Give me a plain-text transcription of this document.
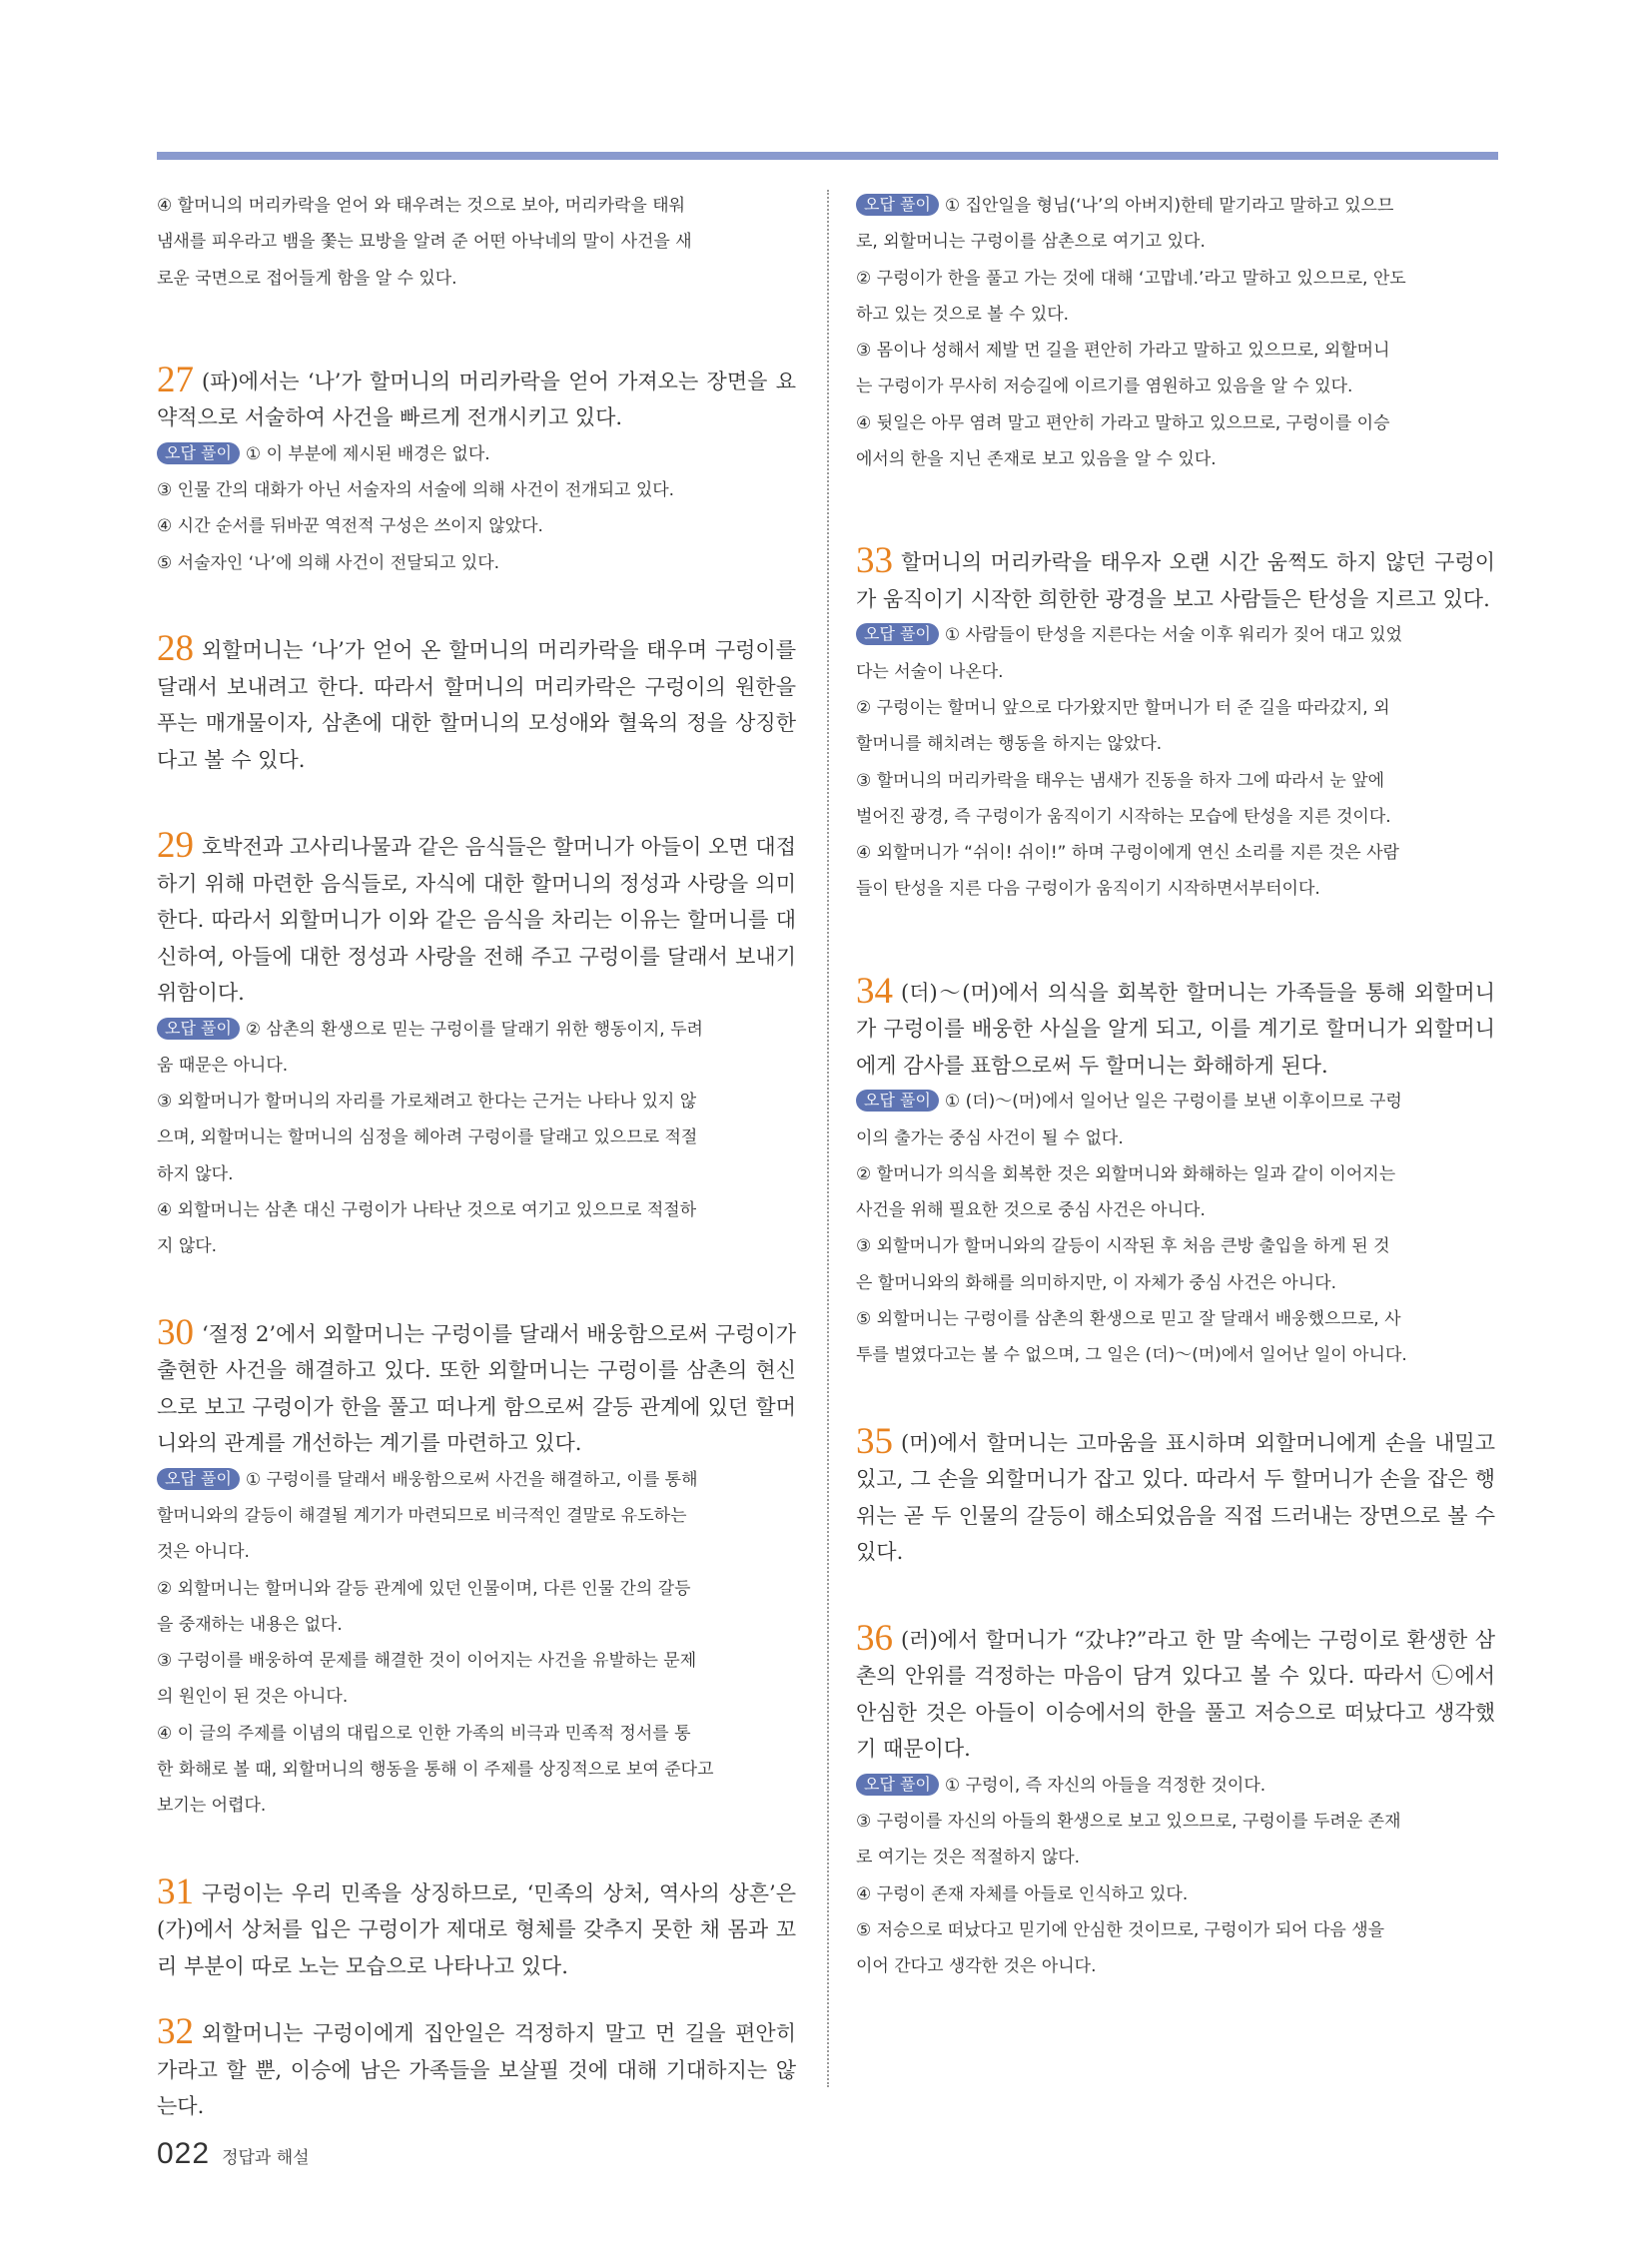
④ 할머니의 머리카락을 얻어 와 태우려는 것으로 보아, 머리카락을 태워

냄새를 피우라고 뱀을 쫓는 묘방을 알려 준 어떤 아낙네의 말이 사건을 새

로운 국면으로 접어들게 함을 알 수 있다.

27 (파)에서는 ‘나’가 할머니의 머리카락을 얻어 가져오는 장면을 요약적으로 서술하여 사건을 빠르게 전개시키고 있다.

오답 풀이 ① 이 부분에 제시된 배경은 없다.

③ 인물 간의 대화가 아닌 서술자의 서술에 의해 사건이 전개되고 있다.

④ 시간 순서를 뒤바꾼 역전적 구성은 쓰이지 않았다.

⑤ 서술자인 ‘나’에 의해 사건이 전달되고 있다.

28 외할머니는 ‘나’가 얻어 온 할머니의 머리카락을 태우며 구렁이를 달래서 보내려고 한다. 따라서 할머니의 머리카락은 구렁이의 원한을 푸는 매개물이자, 삼촌에 대한 할머니의 모성애와 혈육의 정을 상징한다고 볼 수 있다.

29 호박전과 고사리나물과 같은 음식들은 할머니가 아들이 오면 대접하기 위해 마련한 음식들로, 자식에 대한 할머니의 정성과 사랑을 의미한다. 따라서 외할머니가 이와 같은 음식을 차리는 이유는 할머니를 대신하여, 아들에 대한 정성과 사랑을 전해 주고 구렁이를 달래서 보내기 위함이다.

오답 풀이 ② 삼촌의 환생으로 믿는 구렁이를 달래기 위한 행동이지, 두려

움 때문은 아니다.

③ 외할머니가 할머니의 자리를 가로채려고 한다는 근거는 나타나 있지 않

으며, 외할머니는 할머니의 심정을 헤아려 구렁이를 달래고 있으므로 적절

하지 않다.

④ 외할머니는 삼촌 대신 구렁이가 나타난 것으로 여기고 있으므로 적절하

지 않다.

30 ‘절정 2’에서 외할머니는 구렁이를 달래서 배웅함으로써 구렁이가 출현한 사건을 해결하고 있다. 또한 외할머니는 구렁이를 삼촌의 현신으로 보고 구렁이가 한을 풀고 떠나게 함으로써 갈등 관계에 있던 할머니와의 관계를 개선하는 계기를 마련하고 있다.

오답 풀이 ① 구렁이를 달래서 배웅함으로써 사건을 해결하고, 이를 통해

할머니와의 갈등이 해결될 계기가 마련되므로 비극적인 결말로 유도하는

것은 아니다.

② 외할머니는 할머니와 갈등 관계에 있던 인물이며, 다른 인물 간의 갈등

을 중재하는 내용은 없다.

③ 구렁이를 배웅하여 문제를 해결한 것이 이어지는 사건을 유발하는 문제

의 원인이 된 것은 아니다.

④ 이 글의 주제를 이념의 대립으로 인한 가족의 비극과 민족적 정서를 통

한 화해로 볼 때, 외할머니의 행동을 통해 이 주제를 상징적으로 보여 준다고

보기는 어렵다.

31 구렁이는 우리 민족을 상징하므로, ‘민족의 상처, 역사의 상흔’은 (가)에서 상처를 입은 구렁이가 제대로 형체를 갖추지 못한 채 몸과 꼬리 부분이 따로 노는 모습으로 나타나고 있다.

32 외할머니는 구렁이에게 집안일은 걱정하지 말고 먼 길을 편안히 가라고 할 뿐, 이승에 남은 가족들을 보살필 것에 대해 기대하지는 않는다.

오답 풀이 ① 집안일을 형님(‘나’의 아버지)한테 맡기라고 말하고 있으므

로, 외할머니는 구렁이를 삼촌으로 여기고 있다.

② 구렁이가 한을 풀고 가는 것에 대해 ‘고맙네.’라고 말하고 있으므로, 안도

하고 있는 것으로 볼 수 있다.

③ 몸이나 성해서 제발 먼 길을 편안히 가라고 말하고 있으므로, 외할머니

는 구렁이가 무사히 저승길에 이르기를 염원하고 있음을 알 수 있다.

④ 뒷일은 아무 염려 말고 편안히 가라고 말하고 있으므로, 구렁이를 이승

에서의 한을 지닌 존재로 보고 있음을 알 수 있다.

33 할머니의 머리카락을 태우자 오랜 시간 움쩍도 하지 않던 구렁이가 움직이기 시작한 희한한 광경을 보고 사람들은 탄성을 지르고 있다.

오답 풀이 ① 사람들이 탄성을 지른다는 서술 이후 워리가 짖어 대고 있었

다는 서술이 나온다.

② 구렁이는 할머니 앞으로 다가왔지만 할머니가 터 준 길을 따라갔지, 외

할머니를 해치려는 행동을 하지는 않았다.

③ 할머니의 머리카락을 태우는 냄새가 진동을 하자 그에 따라서 눈 앞에

벌어진 광경, 즉 구렁이가 움직이기 시작하는 모습에 탄성을 지른 것이다.

④ 외할머니가 “쉬이! 쉬이!” 하며 구렁이에게 연신 소리를 지른 것은 사람

들이 탄성을 지른 다음 구렁이가 움직이기 시작하면서부터이다.

34 (더)～(머)에서 의식을 회복한 할머니는 가족들을 통해 외할머니가 구렁이를 배웅한 사실을 알게 되고, 이를 계기로 할머니가 외할머니에게 감사를 표함으로써 두 할머니는 화해하게 된다.

오답 풀이 ① (더)～(머)에서 일어난 일은 구렁이를 보낸 이후이므로 구렁

이의 출가는 중심 사건이 될 수 없다.

② 할머니가 의식을 회복한 것은 외할머니와 화해하는 일과 같이 이어지는

사건을 위해 필요한 것으로 중심 사건은 아니다.

③ 외할머니가 할머니와의 갈등이 시작된 후 처음 큰방 출입을 하게 된 것

은 할머니와의 화해를 의미하지만, 이 자체가 중심 사건은 아니다.

⑤ 외할머니는 구렁이를 삼촌의 환생으로 믿고 잘 달래서 배웅했으므로, 사

투를 벌였다고는 볼 수 없으며, 그 일은 (더)～(머)에서 일어난 일이 아니다.

35 (머)에서 할머니는 고마움을 표시하며 외할머니에게 손을 내밀고 있고, 그 손을 외할머니가 잡고 있다. 따라서 두 할머니가 손을 잡은 행위는 곧 두 인물의 갈등이 해소되었음을 직접 드러내는 장면으로 볼 수 있다.

36 (러)에서 할머니가 “갔냐?”라고 한 말 속에는 구렁이로 환생한 삼촌의 안위를 걱정하는 마음이 담겨 있다고 볼 수 있다. 따라서 ㉡에서 안심한 것은 아들이 이승에서의 한을 풀고 저승으로 떠났다고 생각했기 때문이다.

오답 풀이 ① 구렁이, 즉 자신의 아들을 걱정한 것이다.

③ 구렁이를 자신의 아들의 환생으로 보고 있으므로, 구렁이를 두려운 존재

로 여기는 것은 적절하지 않다.

④ 구렁이 존재 자체를 아들로 인식하고 있다.

⑤ 저승으로 떠났다고 믿기에 안심한 것이므로, 구렁이가 되어 다음 생을

이어 간다고 생각한 것은 아니다.

022 정답과 해설
